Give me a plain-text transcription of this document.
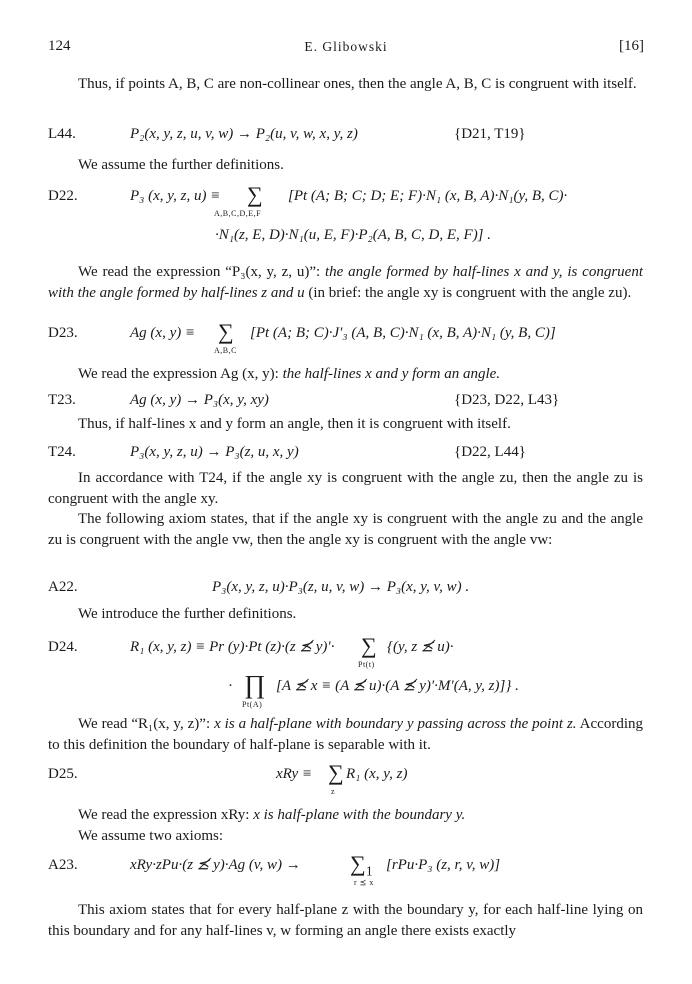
124	E. Glibowski	[16]
Thus, if points A, B, C are non-collinear ones, then the angle A, B, C is congruent with itself.
L44.	P₂(x, y, z, u, v, w) → P₂(u, v, w, x, y, z)	{D21, T19}
We assume the further definitions.
D22.	P₃ (x, y, z, u) ≡ ∑
A,B,C,D,E,F
[Pt (A; B; C; D; E; F)·N₁ (x, B, A)·N₁(y, B, C)·
·N₁(z, E, D)·N₁(u, E, F)·P₂(A, B, C, D, E, F)] .
We read the expression “P₃(x, y, z, u)”: the angle formed by half-lines x and y, is congruent with the angle formed by half-lines z and u (in brief: the angle xy is congruent with the angle zu).
D23.	Ag (x, y) ≡ ∑
A,B,C
[Pt (A; B; C)·J′₃ (A, B, C)·N₁ (x, B, A)·N₁ (y, B, C)]
We read the expression Ag (x, y): the half-lines x and y form an angle.
T23.	Ag (x, y) → P₃(x, y, xy)	{D23, D22, L43}
Thus, if half-lines x and y form an angle, then it is congruent with itself.
T24.	P₃(x, y, z, u) → P₃(z, u, x, y)	{D22, L44}
In accordance with T24, if the angle xy is congruent with the angle zu, then the angle zu is congruent with the angle xy.
The following axiom states, that if the angle xy is congruent with the angle zu and the angle zu is congruent with the angle vw, then the angle xy is congruent with the angle vw:
A22.	P₃(x, y, z, u)·P₃(z, u, v, w) → P₃(x, y, v, w) .
We introduce the further definitions.
D24.	R₁ (x, y, z) ≡ Pr (y)·Pt (z)·(z ⪯̸ y)′· ∑
Pt(t)
{(y, z ⪯̸ u)·
· ∏
Pt(A)
[A ⪯̸ x ≡ (A ⪯̸ u)·(A ⪯̸ y)′·M′(A, y, z)]} .
We read “R₁(x, y, z)”: x is a half-plane with boundary y passing across the point z. According to this definition the boundary of half-plane is separable with it.
D25.	xRy ≡ ∑
z
R₁ (x, y, z)
We read the expression xRy: x is half-plane with the boundary y.
We assume two axioms:
A23.	xRy·zPu·(z ⪯̸ y)·Ag (v, w) → ∑₁
r ⪯ x
[rPu·P₃ (z, r, v, w)]
This axiom states that for every half-plane z with the boundary y, for each half-line lying on this boundary and for any half-lines v, w forming an angle there exists exactly
